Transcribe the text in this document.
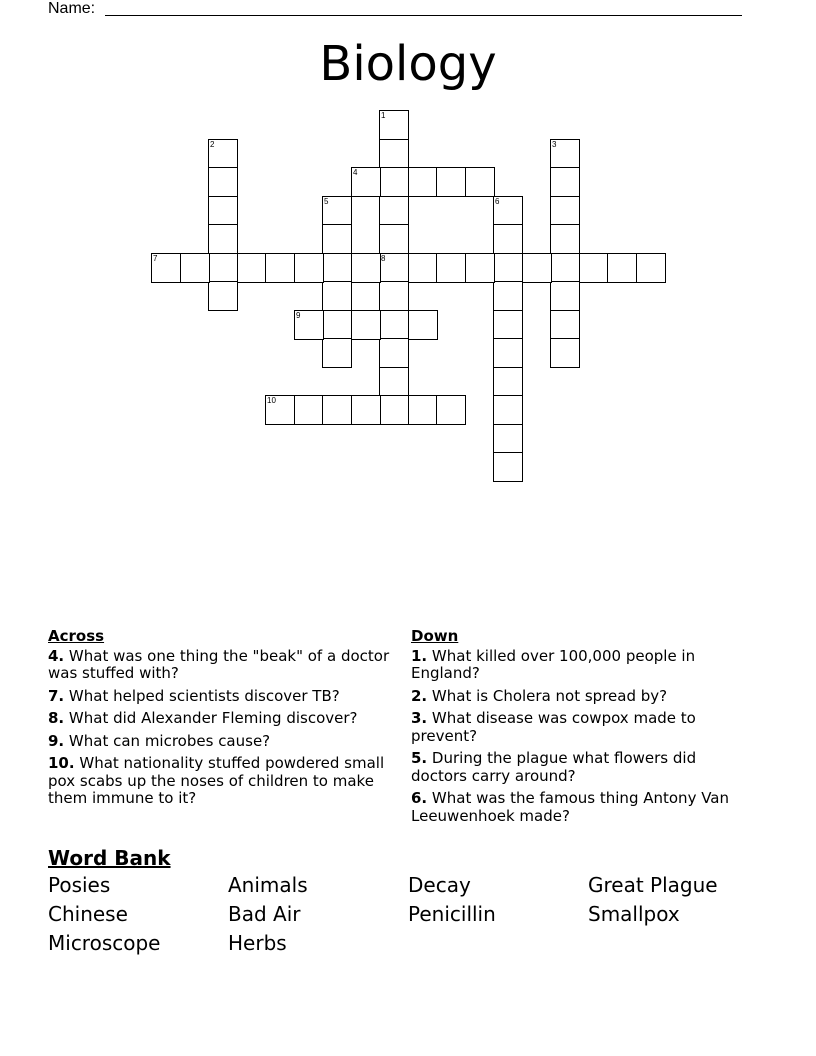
Name:
Biology
1
8
2	3
4
5	6
7
9
10
Across
4. What was one thing the "beak" of a doctor was stuffed with?
7. What helped scientists discover TB?
8. What did Alexander Fleming discover?
9. What can microbes cause?
10. What nationality stuffed powdered small pox scabs up the noses of children to make them immune to it?
Down
1. What killed over 100,000 people in England?
2. What is Cholera not spread by?
3. What disease was cowpox made to prevent?
5. During the plague what flowers did doctors carry around?
6. What was the famous thing Antony Van Leeuwenhoek made?
Word Bank
Posies	Animals	Decay	Great Plague
Chinese	Bad Air	Penicillin	Smallpox
Microscope	Herbs
